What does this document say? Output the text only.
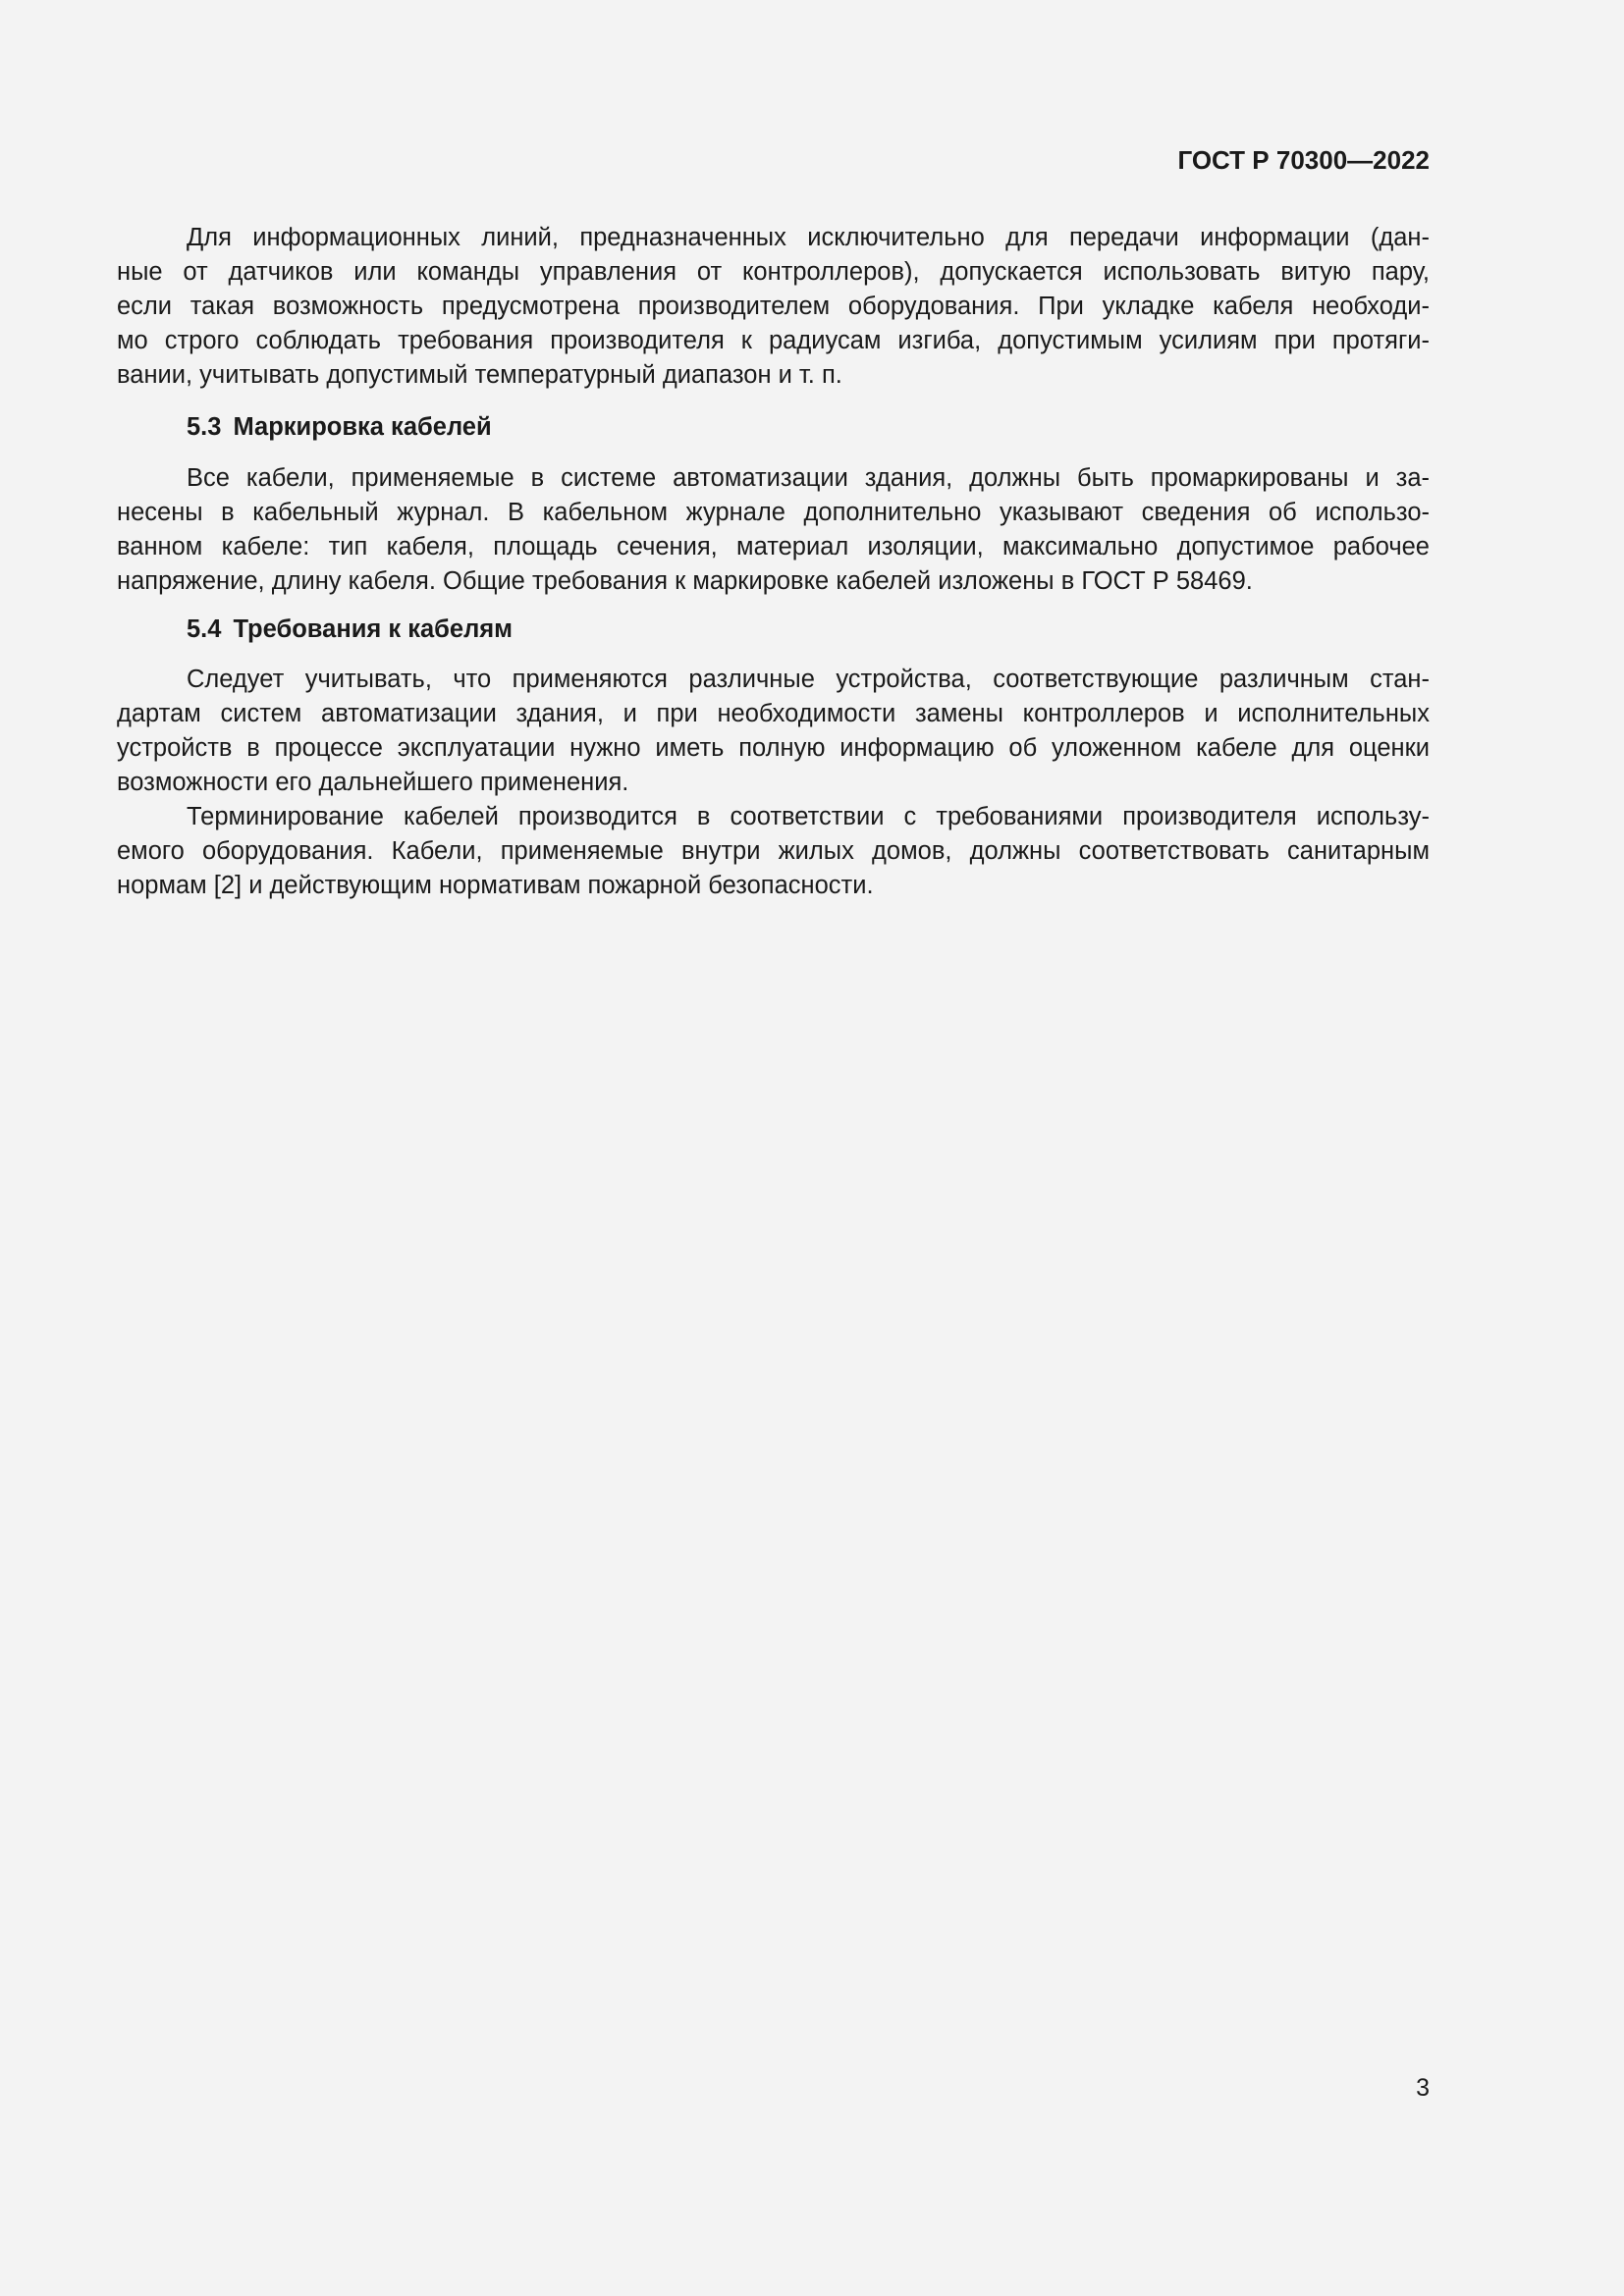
ГОСТ Р 70300—2022
Для информационных линий, предназначенных исключительно для передачи информации (дан-
ные от датчиков или команды управления от контроллеров), допускается использовать витую пару,
если такая возможность предусмотрена производителем оборудования. При укладке кабеля необходи-
мо строго соблюдать требования производителя к радиусам изгиба, допустимым усилиям при протяги-
вании, учитывать допустимый температурный диапазон и т. п.
5.3 Маркировка кабелей
Все кабели, применяемые в системе автоматизации здания, должны быть промаркированы и за-
несены в кабельный журнал. В кабельном журнале дополнительно указывают сведения об использо-
ванном кабеле: тип кабеля, площадь сечения, материал изоляции, максимально допустимое рабочее
напряжение, длину кабеля. Общие требования к маркировке кабелей изложены в ГОСТ Р 58469.
5.4 Требования к кабелям
Следует учитывать, что применяются различные устройства, соответствующие различным стан-
дартам систем автоматизации здания, и при необходимости замены контроллеров и исполнительных
устройств в процессе эксплуатации нужно иметь полную информацию об уложенном кабеле для оценки
возможности его дальнейшего применения.
Терминирование кабелей производится в соответствии с требованиями производителя использу-
емого оборудования. Кабели, применяемые внутри жилых домов, должны соответствовать санитарным
нормам [2] и действующим нормативам пожарной безопасности.
3
